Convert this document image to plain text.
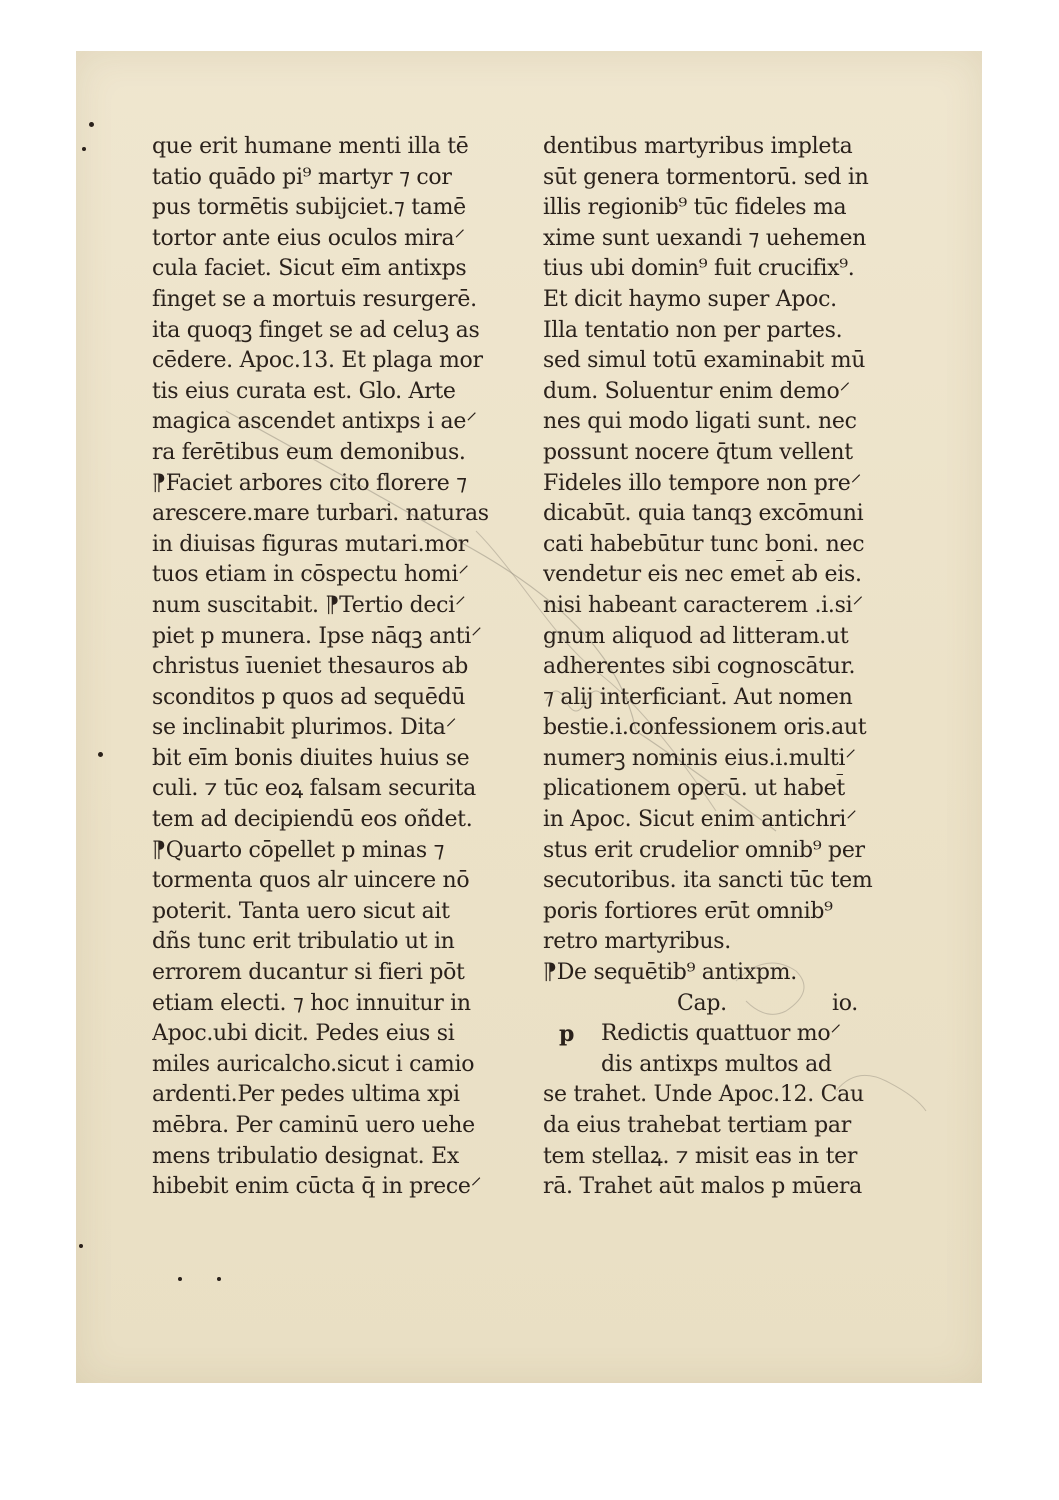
que erit humane menti illa tē
tatio quādo pi⁹ martyr ⁊ cor
pus tormētis subijciet.⁊ tamē
tortor ante eius oculos mira⸍
cula faciet. Sicut eīm antixps
finget se a mortuis resurgerē.
ita quoqꝫ finget se ad celuꝫ as
cēdere. Apoc.13. Et plaga mor
tis eius curata est. Glo. Arte
magica ascendet antixps i ae⸍
ra ferētibus eum demonibus.
⁋Faciet arbores cito florere ⁊
arescere.mare turbari. naturas
in diuisas figuras mutari.mor
tuos etiam in cōspectu homi⸍
num suscitabit. ⁋Tertio deci⸍
piet p munera. Ipse nāqꝫ anti⸍
christus īueniet thesauros ab
sconditos p quos ad sequēdū
se inclinabit plurimos. Dita⸍
bit eīm bonis diuites huius se
culi. ⁊ tūc eoꝝ falsam securita
tem ad decipiendū eos oñdet.
⁋Quarto cōpellet p minas ⁊
tormenta quos alr uincere nō
poterit. Tanta uero sicut ait
dñs tunc erit tribulatio ut in
errorem ducantur si fieri pōt
etiam electi. ⁊ hoc innuitur in
Apoc.ubi dicit. Pedes eius si
miles auricalcho.sicut i camio
ardenti.Per pedes ultima xpi
mēbra. Per caminū uero uehe
mens tribulatio designat. Ex
hibebit enim cūcta q̄ in prece⸍
dentibus martyribus impleta
sūt genera tormentorū. sed in
illis regionib⁹ tūc fideles ma
xime sunt uexandi ⁊ uehemen
tius ubi domin⁹ fuit crucifix⁹.
Et dicit haymo super Apoc.
Illa tentatio non per partes.
sed simul totū examinabit mū
dum. Soluentur enim demo⸍
nes qui modo ligati sunt. nec
possunt nocere q̄tum vellent
Fideles illo tempore non pre⸍
dicabūt. quia tanqꝫ excōmuni
cati habebūtur tunc boni. nec
vendetur eis nec emet̄ ab eis.
nisi habeant caracterem .i.si⸍
gnum aliquod ad litteram.ut
adherentes sibi cognoscātur.
⁊ alij interficiant̄. Aut nomen
bestie.i.confessionem oris.aut
numerꝫ nominis eius.i.multi⸍
plicationem operū. ut habet̄
in Apoc. Sicut enim antichri⸍
stus erit crudelior omnib⁹ per
secutoribus. ita sancti tūc tem
poris fortiores erūt omnib⁹
retro martyribus.
⁋De sequētib⁹ antixpm.
Cap.	io.
p	Redictis quattuor mo⸍
dis antixps multos ad
se trahet. Unde Apoc.12. Cau
da eius trahebat tertiam par
tem stellaꝝ. ⁊ misit eas in ter
rā. Trahet aūt malos p mūera
